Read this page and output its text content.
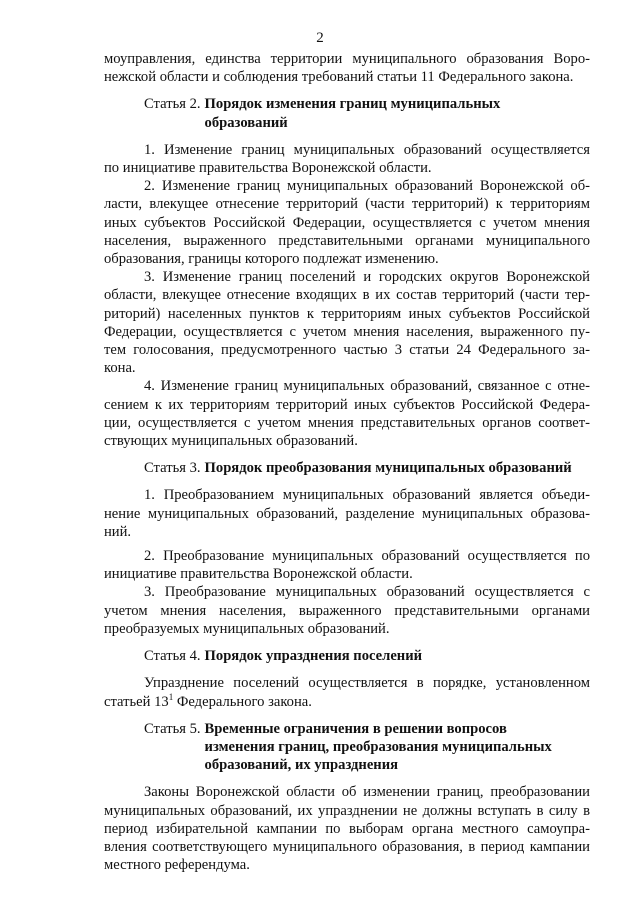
2

моуправления, единства территории муниципального образования Воро-
нежской области и соблюдения требований статьи 11 Федерального закона.

Статья 2. Порядок изменения границ муниципальных
образований

1. Изменение границ муниципальных образований осуществляется
по инициативе правительства Воронежской области.

2. Изменение границ муниципальных образований Воронежской об-
ласти, влекущее отнесение территорий (части территорий) к территориям
иных субъектов Российской Федерации, осуществляется с учетом мнения
населения, выраженного представительными органами муниципального
образования, границы которого подлежат изменению.

3. Изменение границ поселений и городских округов Воронежской
области, влекущее отнесение входящих в их состав территорий (части тер-
риторий) населенных пунктов к территориям иных субъектов Российской
Федерации, осуществляется с учетом мнения населения, выраженного пу-
тем голосования, предусмотренного частью 3 статьи 24 Федерального за-
кона.

4. Изменение границ муниципальных образований, связанное с отне-
сением к их территориям территорий иных субъектов Российской Федера-
ции, осуществляется с учетом мнения представительных органов соответ-
ствующих муниципальных образований.

Статья 3. Порядок преобразования муниципальных образований

1. Преобразованием муниципальных образований является объеди-
нение муниципальных образований, разделение муниципальных образова-
ний.

2. Преобразование муниципальных образований осуществляется по
инициативе правительства Воронежской области.

3. Преобразование муниципальных образований осуществляется с
учетом мнения населения, выраженного представительными органами
преобразуемых муниципальных образований.

Статья 4. Порядок упразднения поселений

Упразднение поселений осуществляется в порядке, установленном
статьей $13^1$ Федерального закона.

Статья 5. Временные ограничения в решении вопросов
изменения границ, преобразования муниципальных
образований, их упразднения

Законы Воронежской области об изменении границ, преобразовании
муниципальных образований, их упразднении не должны вступать в силу в
период избирательной кампании по выборам органа местного самоупра-
вления соответствующего муниципального образования, в период кампании
местного референдума.
